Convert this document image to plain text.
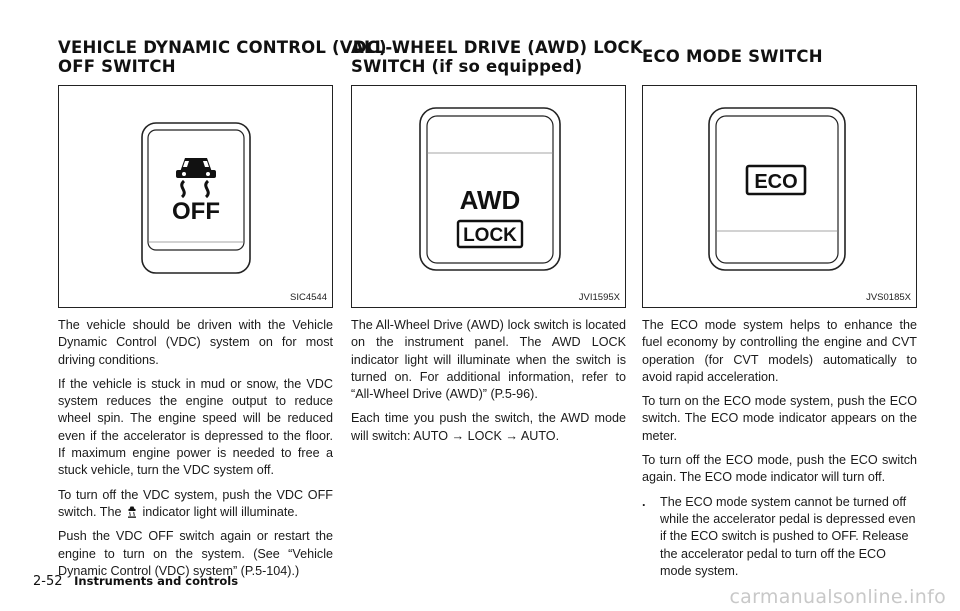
VEHICLE DYNAMIC CONTROL (VDC)
OFF SWITCH
ALL-WHEEL DRIVE (AWD) LOCK
SWITCH (if so equipped)
ECO MODE SWITCH
OFF
SIC4544
AWD
LOCK
JVI1595X
ECO
JVS0185X

The vehicle should be driven with the Vehicle Dynamic Control (VDC) system on for most driving conditions.

If the vehicle is stuck in mud or snow, the VDC system reduces the engine output to reduce wheel spin. The engine speed will be reduced even if the accelerator is depressed to the floor. If maximum engine power is needed to free a stuck vehicle, turn the VDC system off.

To turn off the VDC system, push the VDC OFF switch. The indicator light will illuminate.

Push the VDC OFF switch again or restart the engine to turn on the system. (See “Vehicle Dynamic Control (VDC) system” (P.5-104).)

The All-Wheel Drive (AWD) lock switch is located on the instrument panel. The AWD LOCK indicator light will illuminate when the switch is turned on. For additional information, refer to “All-Wheel Drive (AWD)” (P.5-96).

Each time you push the switch, the AWD mode will switch: AUTO → LOCK → AUTO.

The ECO mode system helps to enhance the fuel economy by controlling the engine and CVT operation (for CVT models) automatically to avoid rapid acceleration.

To turn on the ECO mode system, push the ECO switch. The ECO mode indicator appears on the meter.

To turn off the ECO mode, push the ECO switch again. The ECO mode indicator will turn off.

.	The ECO mode system cannot be turned off while the accelerator pedal is depressed even if the ECO switch is pushed to OFF. Release the accelerator pedal to turn off the ECO mode system.
2-52 Instruments and controls
carmanualsonline.info
